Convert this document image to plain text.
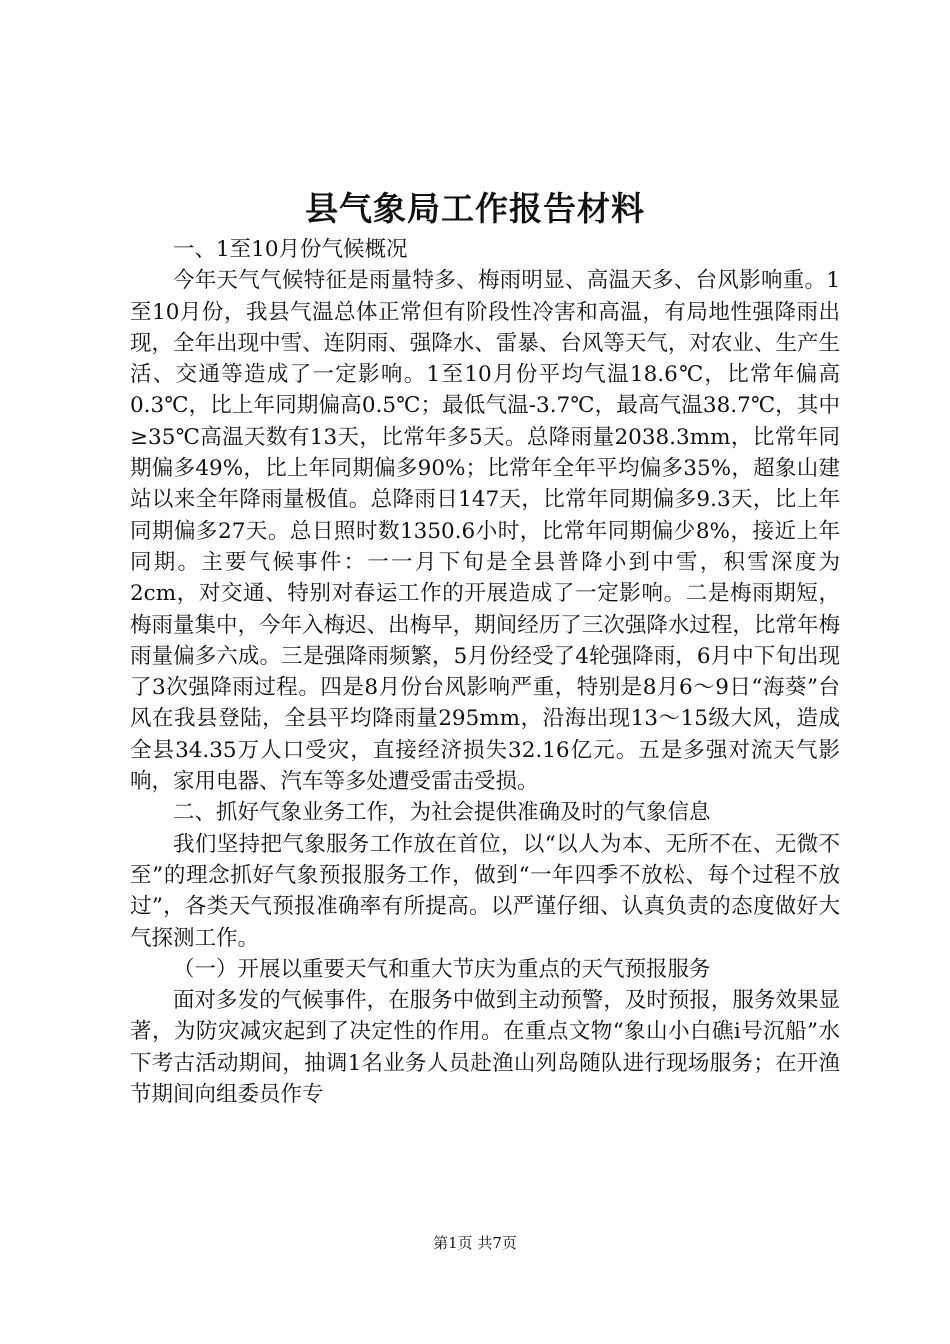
县气象局工作报告材料

一、1至10月份气候概况

今年天气气候特征是雨量特多、梅雨明显、高温天多、台风影响重。1至10月份，我县气温总体正常但有阶段性冷害和高温，有局地性强降雨出现，全年出现中雪、连阴雨、强降水、雷暴、台风等天气，对农业、生产生活、交通等造成了一定影响。1至10月份平均气温18.6℃，比常年偏高0.3℃，比上年同期偏高0.5℃；最低气温-3.7℃，最高气温38.7℃，其中≥35℃高温天数有13天，比常年多5天。总降雨量2038.3mm，比常年同期偏多49%，比上年同期偏多90%；比常年全年平均偏多35%，超象山建站以来全年降雨量极值。总降雨日147天，比常年同期偏多9.3天，比上年同期偏多27天。总日照时数1350.6小时，比常年同期偏少8%，接近上年同期。主要气候事件：一一月下旬是全县普降小到中雪，积雪深度为2cm，对交通、特别对春运工作的开展造成了一定影响。二是梅雨期短，梅雨量集中，今年入梅迟、出梅早，期间经历了三次强降水过程，比常年梅雨量偏多六成。三是强降雨频繁，5月份经受了4轮强降雨，6月中下旬出现了3次强降雨过程。四是8月份台风影响严重，特别是8月6～9日“海葵”台风在我县登陆，全县平均降雨量295mm，沿海出现13～15级大风，造成全县34.35万人口受灾，直接经济损失32.16亿元。五是多强对流天气影响，家用电器、汽车等多处遭受雷击受损。

二、抓好气象业务工作，为社会提供准确及时的气象信息

我们坚持把气象服务工作放在首位，以“以人为本、无所不在、无微不至”的理念抓好气象预报服务工作，做到“一年四季不放松、每个过程不放过”，各类天气预报准确率有所提高。以严谨仔细、认真负责的态度做好大气探测工作。

（一）开展以重要天气和重大节庆为重点的天气预报服务

面对多发的气候事件，在服务中做到主动预警，及时预报，服务效果显著，为防灾减灾起到了决定性的作用。在重点文物“象山小白礁ⅰ号沉船”水下考古活动期间，抽调1名业务人员赴渔山列岛随队进行现场服务；在开渔节期间向组委员作专

第1页 共7页
